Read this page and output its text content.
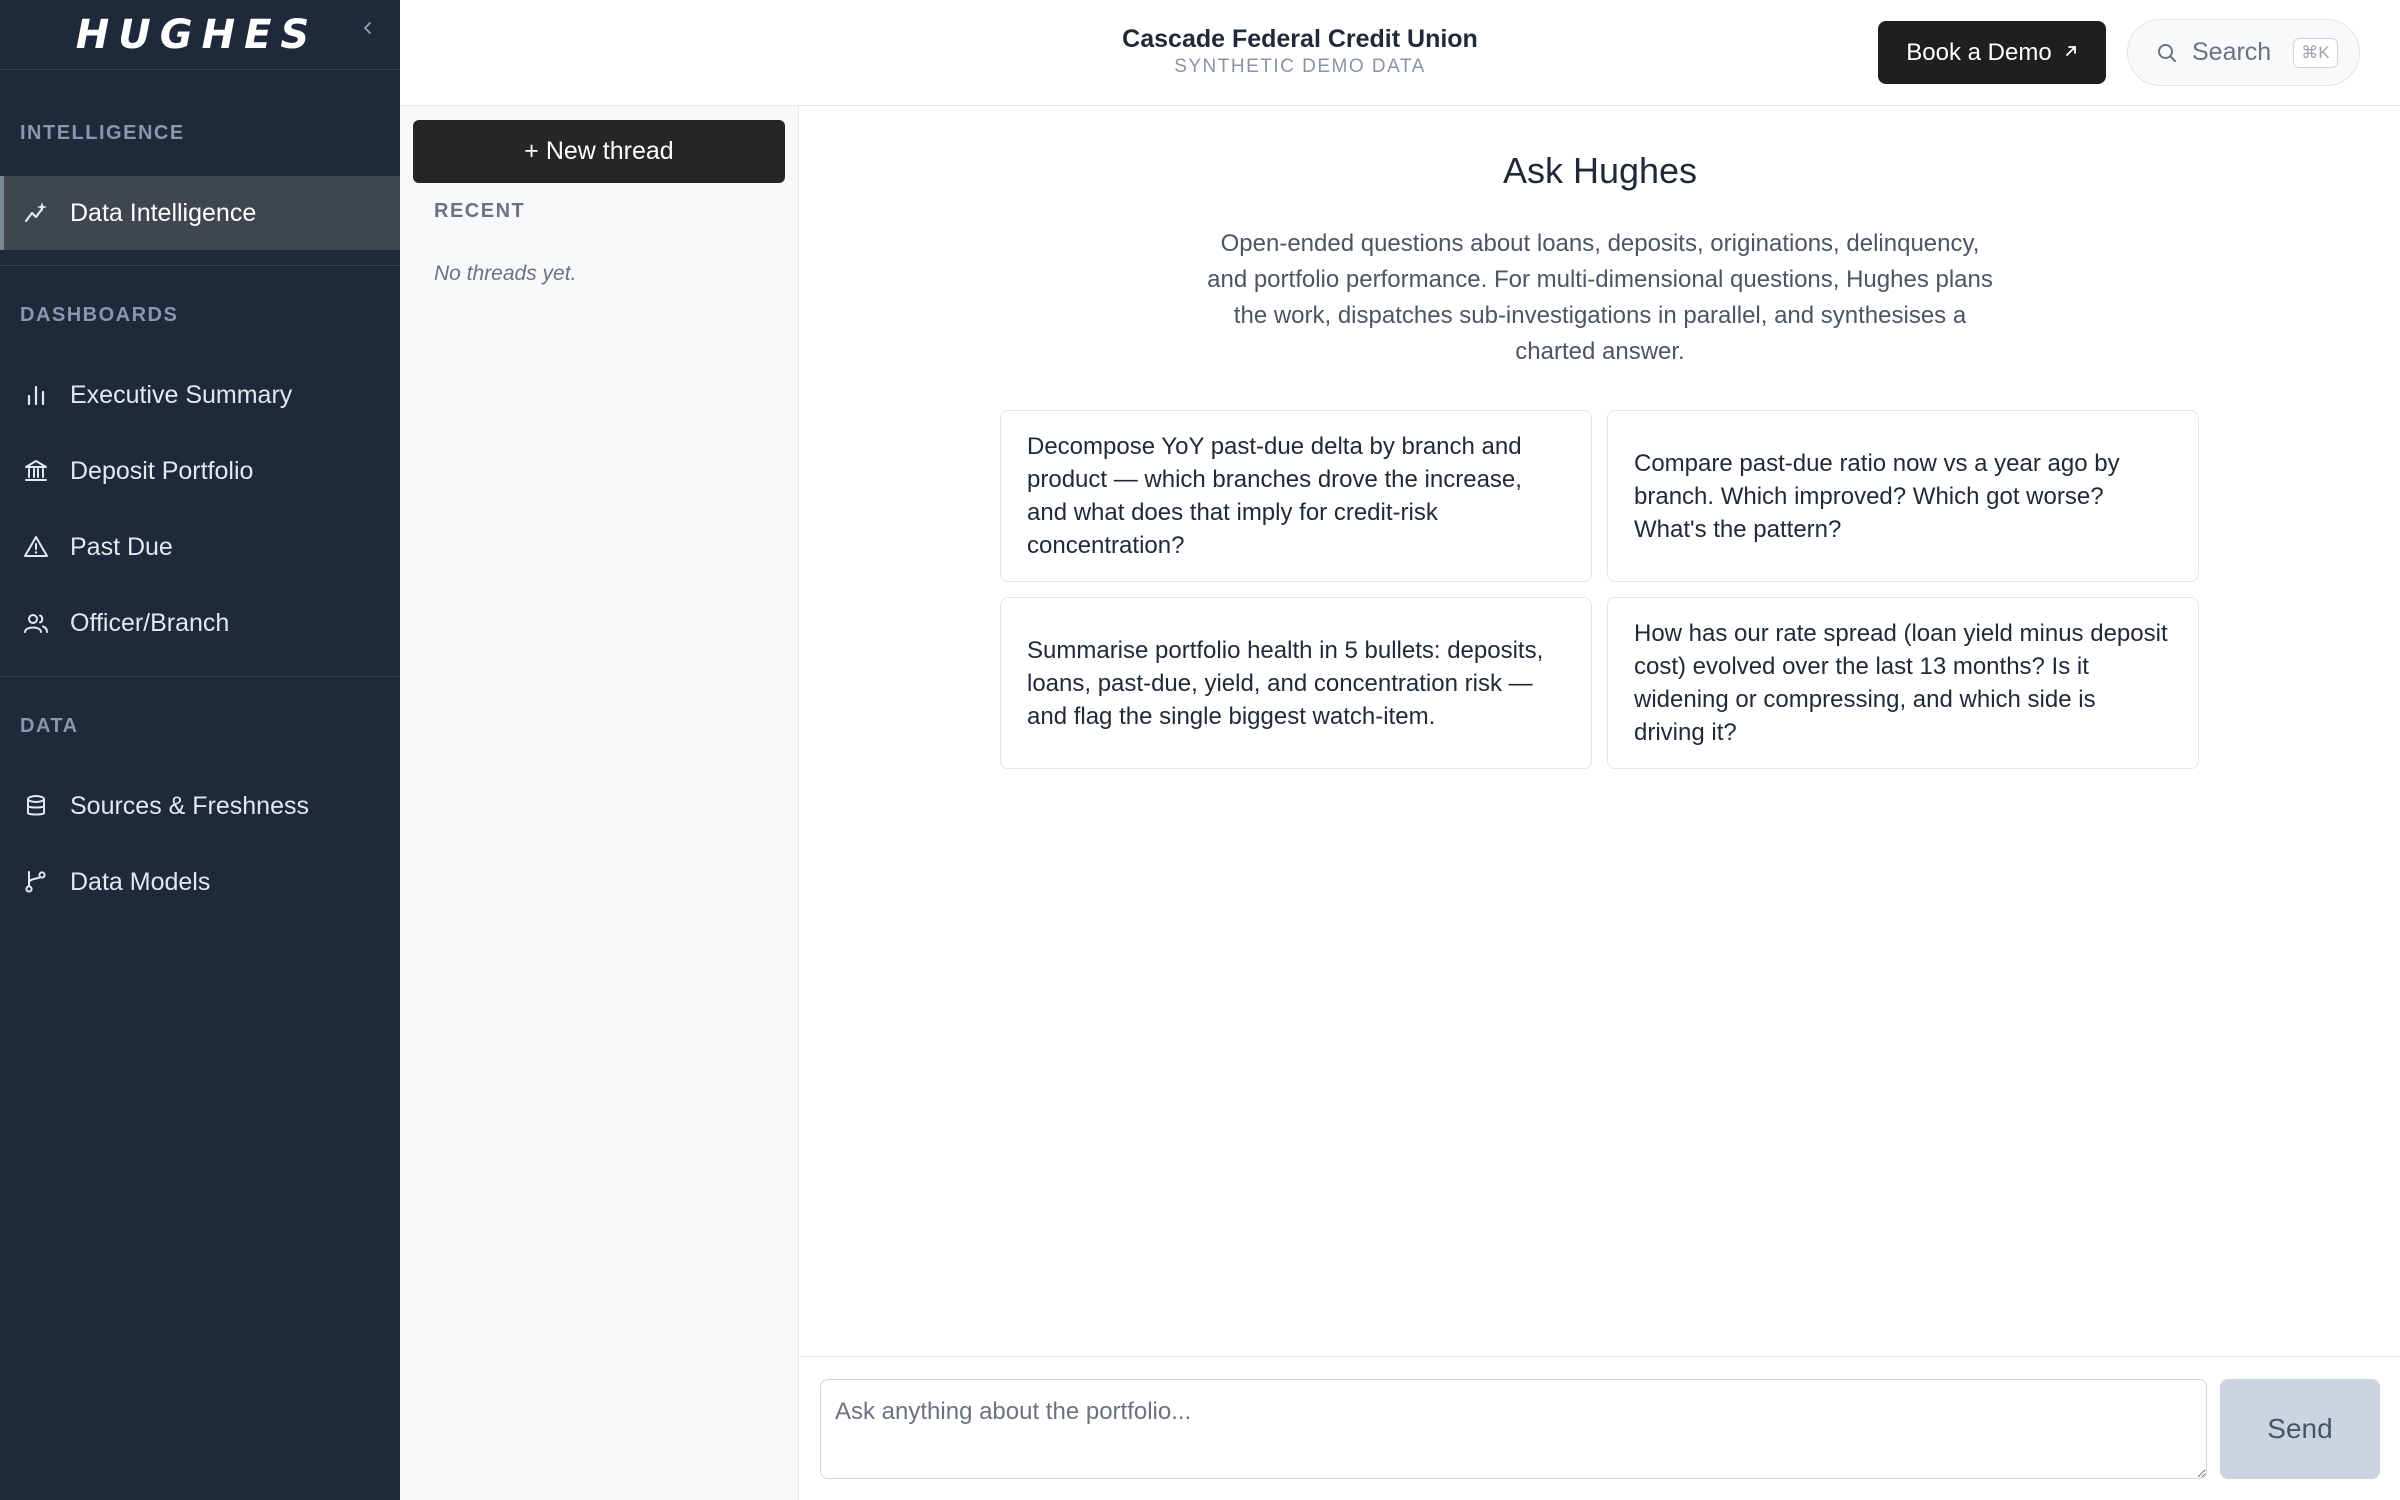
HUGHES
INTELLIGENCE
Data Intelligence
DASHBOARDS
Executive Summary
Deposit Portfolio
Past Due
Officer/Branch
DATA
Sources & Freshness
Data Models
Cascade Federal Credit Union
SYNTHETIC DEMO DATA
Book a Demo	Search	⌘K
+ New thread
RECENT
No threads yet.
Ask Hughes

Open-ended questions about loans, deposits, originations, delinquency, and portfolio performance. For multi-dimensional questions, Hughes plans the work, dispatches sub-investigations in parallel, and synthesises a charted answer.

Decompose YoY past-due delta by branch and product — which branches drove the increase, and what does that imply for credit-risk concentration?
Compare past-due ratio now vs a year ago by branch. Which improved? Which got worse? What's the pattern?
Summarise portfolio health in 5 bullets: deposits, loans, past-due, yield, and concentration risk — and flag the single biggest watch-item.
How has our rate spread (loan yield minus deposit cost) evolved over the last 13 months? Is it widening or compressing, and which side is driving it?
Ask anything about the portfolio...
Send
